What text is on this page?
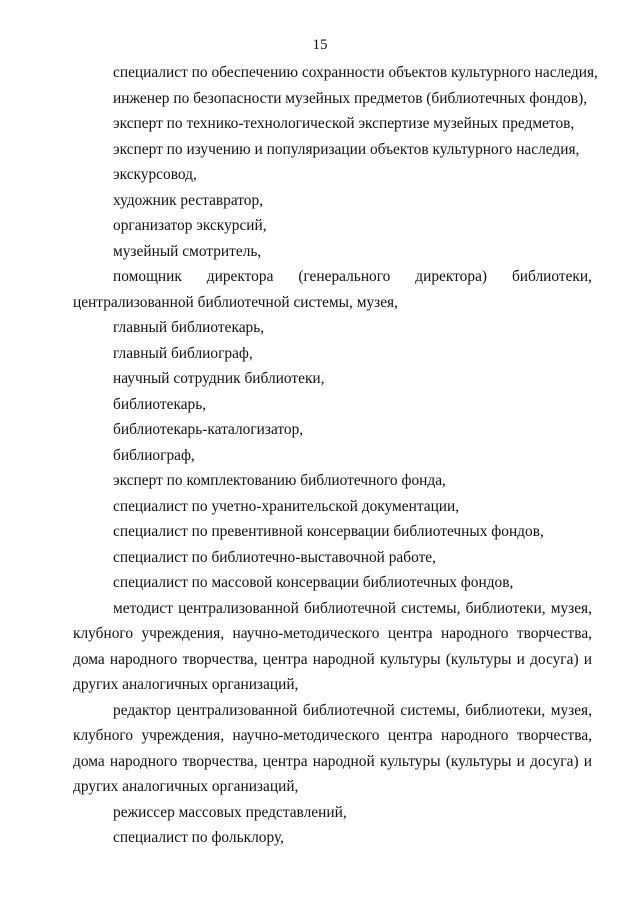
15
специалист по обеспечению сохранности объектов культурного наследия,
инженер по безопасности музейных предметов (библиотечных фондов),
эксперт по технико-технологической экспертизе музейных предметов,
эксперт по изучению и популяризации объектов культурного наследия,
экскурсовод,
художник реставратор,
организатор экскурсий,
музейный смотритель,
помощник директора (генерального директора) библиотеки,
централизованной библиотечной системы, музея,
главный библиотекарь,
главный библиограф,
научный сотрудник библиотеки,
библиотекарь,
библиотекарь-каталогизатор,
библиограф,
эксперт по комплектованию библиотечного фонда,
специалист по учетно-хранительской документации,
специалист по превентивной консервации библиотечных фондов,
специалист по библиотечно-выставочной работе,
специалист по массовой консервации библиотечных фондов,
методист централизованной библиотечной системы, библиотеки, музея,
клубного учреждения, научно-методического центра народного творчества,
дома народного творчества, центра народной культуры (культуры и досуга) и
других аналогичных организаций,
редактор централизованной библиотечной системы, библиотеки, музея,
клубного учреждения, научно-методического центра народного творчества,
дома народного творчества, центра народной культуры (культуры и досуга) и
других аналогичных организаций,
режиссер массовых представлений,
специалист по фольклору,
